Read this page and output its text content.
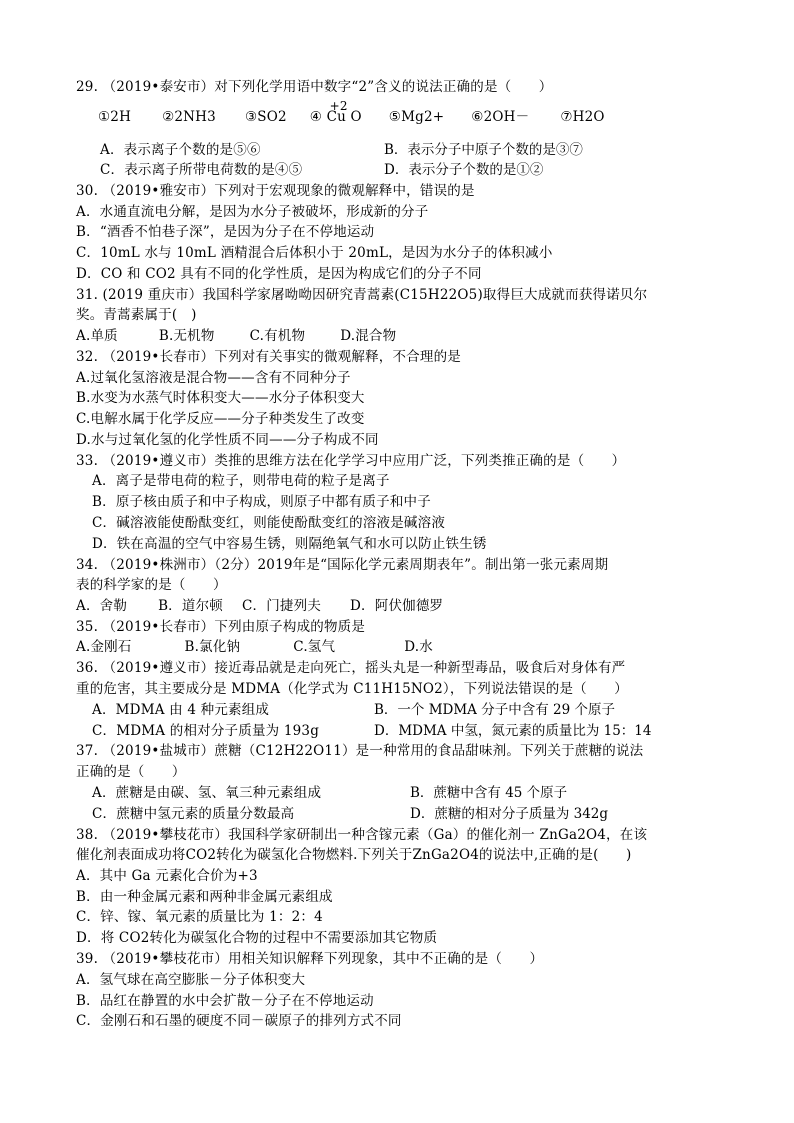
29. （2019•泰安市）对下列化学用语中数字“2”含义的说法正确的是（　　）
①2H ②2NH3 ③SO2 ④
+2
Cu O ⑤Mg2+ ⑥2OH－ ⑦H2O
A．表示离子个数的是⑤⑥	B．表示分子中原子个数的是③⑦
C．表示离子所带电荷数的是④⑤	D．表示分子个数的是①②
30. （2019•雅安市）下列对于宏观现象的微观解释中，错误的是
A．水通直流电分解，是因为水分子被破坏，形成新的分子
B．“酒香不怕巷子深”，是因为分子在不停地运动
C．10mL 水与 10mL 酒精混合后体积小于 20mL，是因为水分子的体积减小
D．CO 和 CO2 具有不同的化学性质，是因为构成它们的分子不同
31. (2019 重庆市）我国科学家屠呦呦因研究青蒿素(C15H22O5)取得巨大成就而获得诺贝尔
奖。青蒿素属于(　)
A.单质	B.无机物	C.有机物	D.混合物
32. （2019•长春市）下列对有关事实的微观解释，不合理的是
A.过氧化氢溶液是混合物——含有不同种分子
B.水变为水蒸气时体积变大——水分子体积变大
C.电解水属于化学反应——分子种类发生了改变
D.水与过氧化氢的化学性质不同——分子构成不同
33. （2019•遵义市）类推的思维方法在化学学习中应用广泛，下列类推正确的是（　　）
A．离子是带电荷的粒子，则带电荷的粒子是离子
B．原子核由质子和中子构成，则原子中都有质子和中子
C．碱溶液能使酚酞变红，则能使酚酞变红的溶液是碱溶液
D．铁在高温的空气中容易生锈，则隔绝氧气和水可以防止铁生锈
34. （2019•株洲市）（2分）2019年是“国际化学元素周期表年”。制出第一张元素周期
表的科学家的是（　　）
A．舍勒 B．道尔顿 C．门捷列夫 D．阿伏伽德罗
35. （2019•长春市）下列由原子构成的物质是
A.金刚石	B.氯化钠	C.氢气	D.水
36. （2019•遵义市）接近毒品就是走向死亡，摇头丸是一种新型毒品，吸食后对身体有严
重的危害，其主要成分是 MDMA（化学式为 C11H15NO2），下列说法错误的是（　　）
A．MDMA 由 4 种元素组成	B．一个 MDMA 分子中含有 29 个原子
C．MDMA 的相对分子质量为 193g	D．MDMA 中氢，氮元素的质量比为 15：14
37. （2019•盐城市）蔗糖（C12H22O11）是一种常用的食品甜味剂。下列关于蔗糖的说法
正确的是（　　）
A．蔗糖是由碳、氢、氧三种元素组成	B．蔗糖中含有 45 个原子
C．蔗糖中氢元素的质量分数最高	D．蔗糖的相对分子质量为 342g
38. （2019•攀枝花市）我国科学家研制出一种含镓元素（Ga）的催化剂一 ZnGa2O4，在该
催化剂表面成功将CO2转化为碳氢化合物燃料.下列关于ZnGa2O4的说法中,正确的是(　　)
A．其中 Ga 元素化合价为+3
B．由一种金属元素和两种非金属元素组成
C．锌、镓、氧元素的质量比为 1：2：4
D．将 CO2转化为碳氢化合物的过程中不需要添加其它物质
39. （2019•攀枝花市）用相关知识解释下列现象，其中不正确的是（　　）
A．氢气球在高空膨胀－分子体积变大
B．品红在静置的水中会扩散－分子在不停地运动
C．金刚石和石墨的硬度不同－碳原子的排列方式不同
